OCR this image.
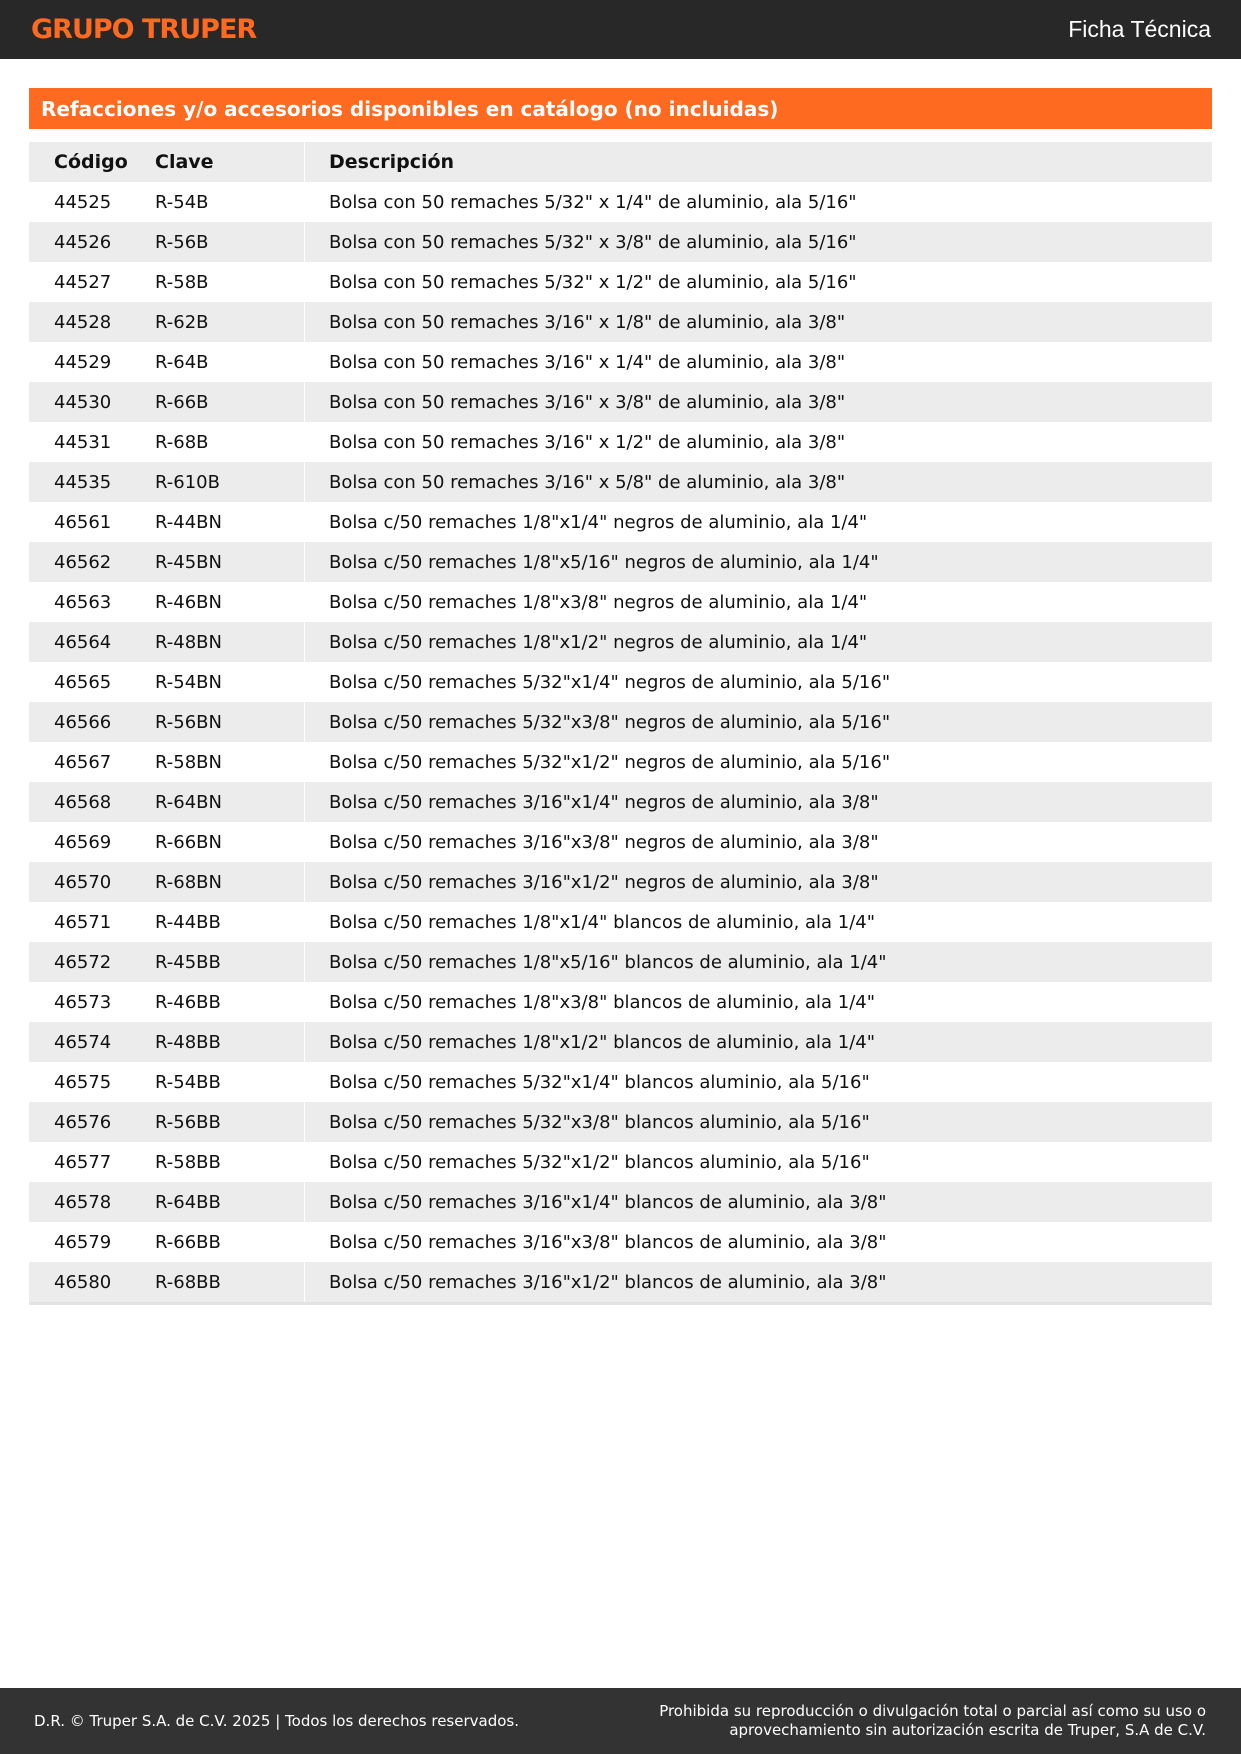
GRUPO TRUPER	Ficha Técnica
Refacciones y/o accesorios disponibles en catálogo (no incluidas)
Código	Clave	Descripción
44525	R-54B	Bolsa con 50 remaches 5/32" x 1/4" de aluminio, ala 5/16"
44526	R-56B	Bolsa con 50 remaches 5/32" x 3/8" de aluminio, ala 5/16"
44527	R-58B	Bolsa con 50 remaches 5/32" x 1/2" de aluminio, ala 5/16"
44528	R-62B	Bolsa con 50 remaches 3/16" x 1/8" de aluminio, ala 3/8"
44529	R-64B	Bolsa con 50 remaches 3/16" x 1/4" de aluminio, ala 3/8"
44530	R-66B	Bolsa con 50 remaches 3/16" x 3/8" de aluminio, ala 3/8"
44531	R-68B	Bolsa con 50 remaches 3/16" x 1/2" de aluminio, ala 3/8"
44535	R-610B	Bolsa con 50 remaches 3/16" x 5/8" de aluminio, ala 3/8"
46561	R-44BN	Bolsa c/50 remaches 1/8"x1/4" negros de aluminio, ala 1/4"
46562	R-45BN	Bolsa c/50 remaches 1/8"x5/16" negros de aluminio, ala 1/4"
46563	R-46BN	Bolsa c/50 remaches 1/8"x3/8" negros de aluminio, ala 1/4"
46564	R-48BN	Bolsa c/50 remaches 1/8"x1/2" negros de aluminio, ala 1/4"
46565	R-54BN	Bolsa c/50 remaches 5/32"x1/4" negros de aluminio, ala 5/16"
46566	R-56BN	Bolsa c/50 remaches 5/32"x3/8" negros de aluminio, ala 5/16"
46567	R-58BN	Bolsa c/50 remaches 5/32"x1/2" negros de aluminio, ala 5/16"
46568	R-64BN	Bolsa c/50 remaches 3/16"x1/4" negros de aluminio, ala 3/8"
46569	R-66BN	Bolsa c/50 remaches 3/16"x3/8" negros de aluminio, ala 3/8"
46570	R-68BN	Bolsa c/50 remaches 3/16"x1/2" negros de aluminio, ala 3/8"
46571	R-44BB	Bolsa c/50 remaches 1/8"x1/4" blancos de aluminio, ala 1/4"
46572	R-45BB	Bolsa c/50 remaches 1/8"x5/16" blancos de aluminio, ala 1/4"
46573	R-46BB	Bolsa c/50 remaches 1/8"x3/8" blancos de aluminio, ala 1/4"
46574	R-48BB	Bolsa c/50 remaches 1/8"x1/2" blancos de aluminio, ala 1/4"
46575	R-54BB	Bolsa c/50 remaches 5/32"x1/4" blancos aluminio, ala 5/16"
46576	R-56BB	Bolsa c/50 remaches 5/32"x3/8" blancos aluminio, ala 5/16"
46577	R-58BB	Bolsa c/50 remaches 5/32"x1/2" blancos aluminio, ala 5/16"
46578	R-64BB	Bolsa c/50 remaches 3/16"x1/4" blancos de aluminio, ala 3/8"
46579	R-66BB	Bolsa c/50 remaches 3/16"x3/8" blancos de aluminio, ala 3/8"
46580	R-68BB	Bolsa c/50 remaches 3/16"x1/2" blancos de aluminio, ala 3/8"
D.R. © Truper S.A. de C.V. 2025 | Todos los derechos reservados.
Prohibida su reproducción o divulgación total o parcial así como su uso o
aprovechamiento sin autorización escrita de Truper, S.A de C.V.
